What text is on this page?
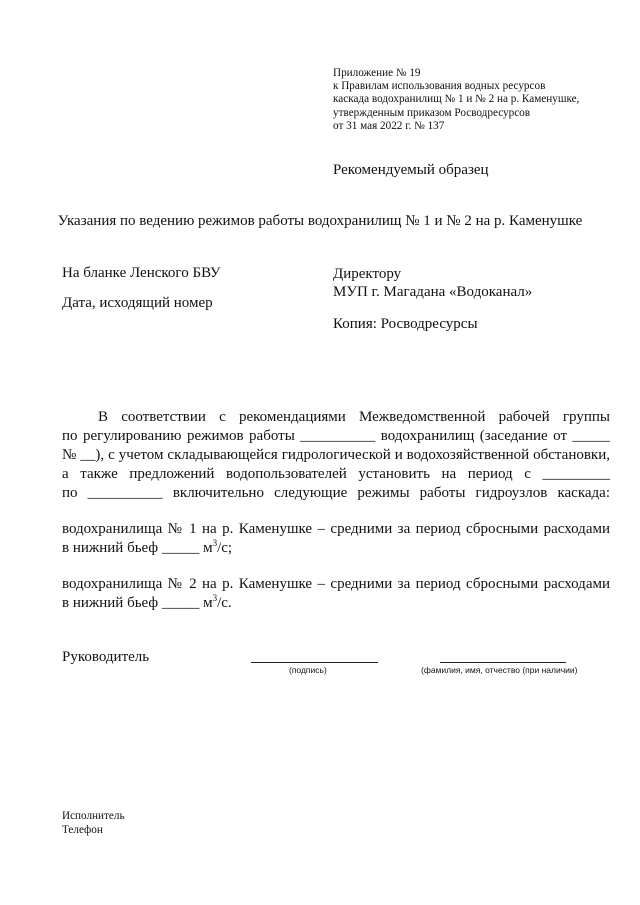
Приложение № 19
к Правилам использования водных ресурсов
каскада водохранилищ № 1 и № 2 на р. Каменушке,
утвержденным приказом Росводресурсов
от 31 мая 2022 г. № 137
Рекомендуемый образец
Указания по ведению режимов работы водохранилищ № 1 и № 2 на р. Каменушке
На бланке Ленского БВУ
Дата, исходящий номер
Директору
МУП г. Магадана «Водоканал»
Копия: Росводресурсы
В соответствии с рекомендациями Межведомственной рабочей группы
по регулированию режимов работы __________ водохранилищ (заседание от _____
№ __), с учетом складывающейся гидрологической и водохозяйственной обстановки,
а также предложений водопользователей установить на период с _________
по __________ включительно следующие режимы работы гидроузлов каскада:
водохранилища № 1 на р. Каменушке – средними за период сбросными расходами
в нижний бьеф _____ $м^3/с$;
водохранилища № 2 на р. Каменушке – средними за период сбросными расходами
в нижний бьеф _____ $м^3/с$.
Руководитель
(подпись)	(фамилия, имя, отчество (при наличии)
Исполнитель
Телефон
